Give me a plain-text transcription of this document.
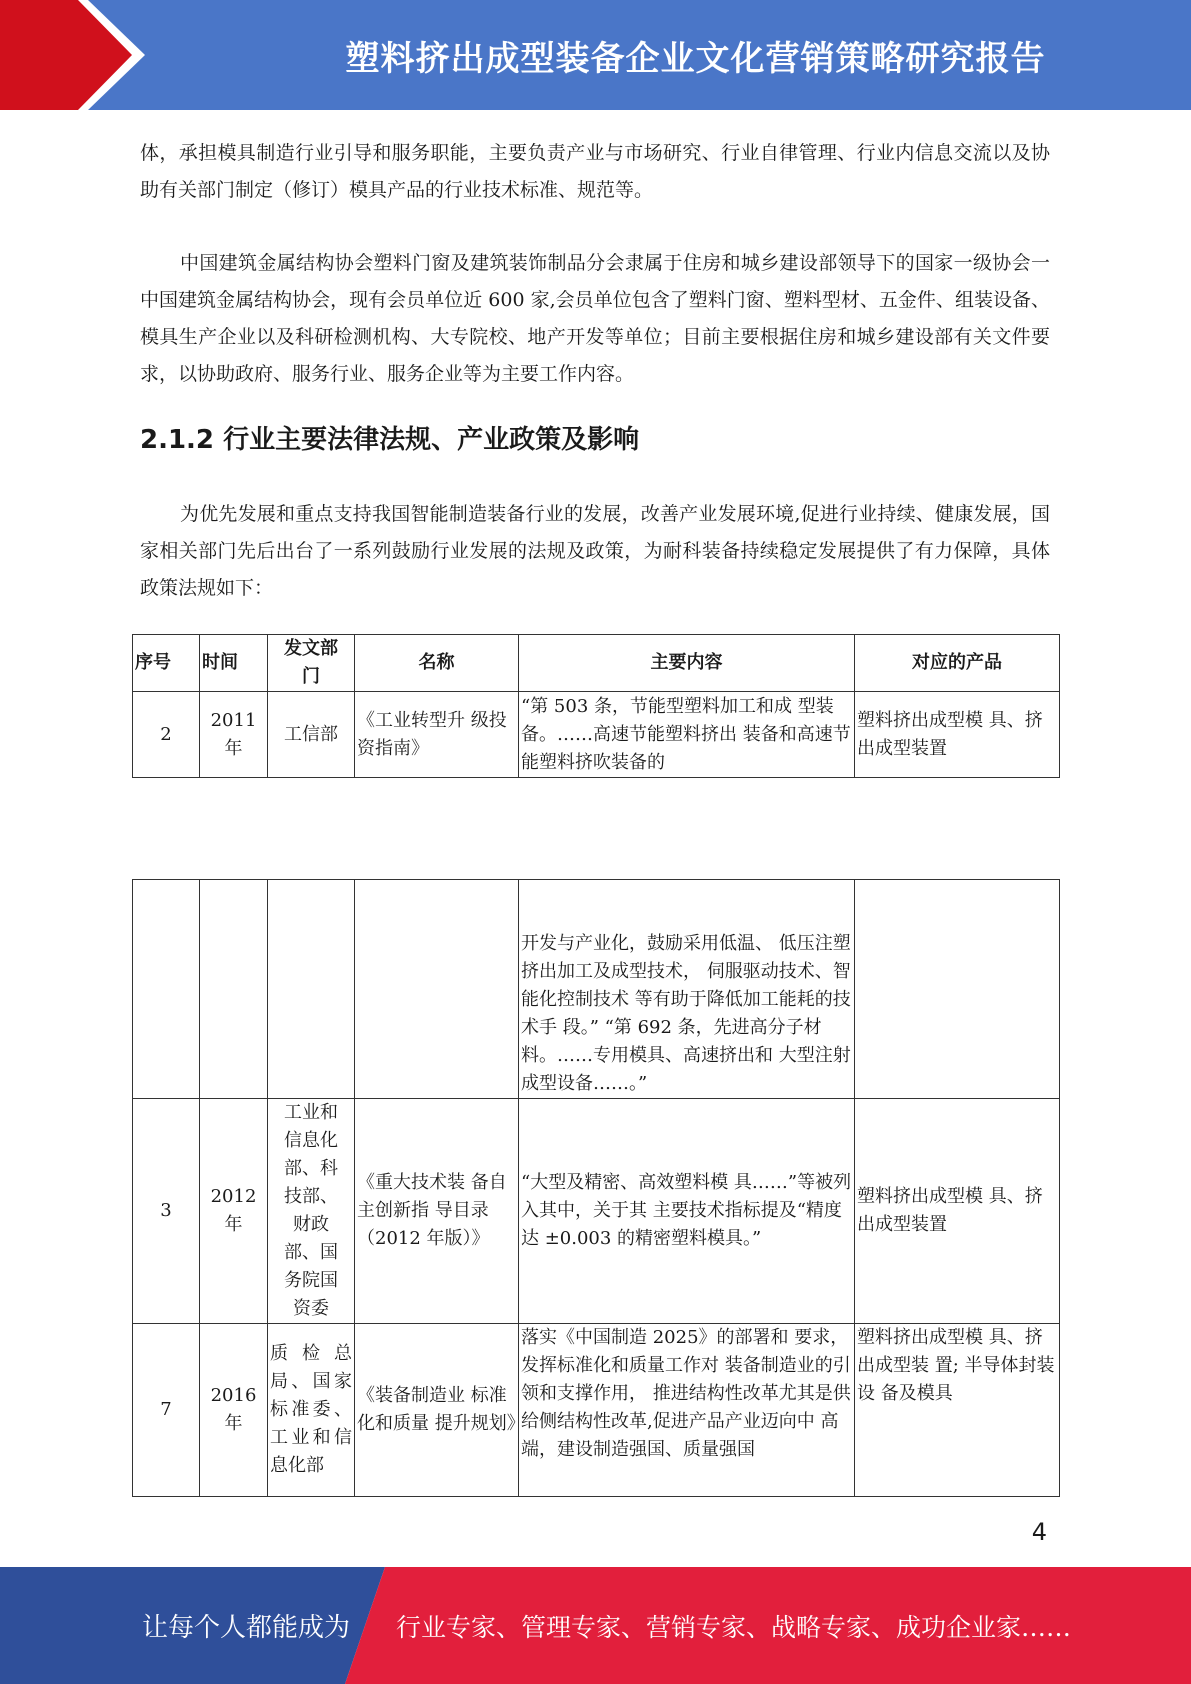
塑料挤出成型装备企业文化营销策略研究报告

体，承担模具制造行业引导和服务职能，主要负责产业与市场研究、行业自律管理、行业内信息交流以及协助有关部门制定（修订）模具产品的行业技术标准、规范等。

中国建筑金属结构协会塑料门窗及建筑装饰制品分会隶属于住房和城乡建设部领导下的国家一级协会一中国建筑金属结构协会，现有会员单位近 600 家,会员单位包含了塑料门窗、塑料型材、五金件、组装设备、模具生产企业以及科研检测机构、大专院校、地产开发等单位；目前主要根据住房和城乡建设部有关文件要求，以协助政府、服务行业、服务企业等为主要工作内容。

2.1.2 行业主要法律法规、产业政策及影响

为优先发展和重点支持我国智能制造装备行业的发展，改善产业发展环境,促进行业持续、健康发展，国家相关部门先后出台了一系列鼓励行业发展的法规及政策，为耐科装备持续稳定发展提供了有力保障，具体政策法规如下：

序号	时间	发文部门	名称	主要内容	对应的产品
2	2011 年	工信部	《工业转型升 级投资指南》	“第 503 条，节能型塑料加工和成 型装备。……高速节能塑料挤出 装备和高速节能塑料挤吹装备的	塑料挤出成型模 具、挤出成型装置
				开发与产业化，鼓励采用低温、 低压注塑挤出加工及成型技术， 伺服驱动技术、智能化控制技术 等有助于降低加工能耗的技术手 段。” “第 692 条，先进高分子材 料。……专用模具、高速挤出和 大型注射成型设备……。”	
3	2012 年	工业和信息化部、科技部、财政部、国务院国资委	《重大技术装 备自主创新指 导目录（2012 年版）》	“大型及精密、高效塑料模 具……”等被列入其中，关于其 主要技术指标提及“精度达 ±0.003 的精密塑料模具。”	塑料挤出成型模 具、挤出成型装置
7	2016 年	质检总局、国家标准委、工业和信息化部	《装备制造业 标准化和质量 提升规划》	落实《中国制造 2025》的部署和 要求，发挥标准化和质量工作对 装备制造业的引领和支撑作用， 推进结构性改革尤其是供给侧结构性改革,促进产品产业迈向中 高端，建设制造强国、质量强国	塑料挤出成型模 具、挤出成型装 置; 半导体封装设 备及模具
4
让每个人都能成为 行业专家、管理专家、营销专家、战略专家、成功企业家……
